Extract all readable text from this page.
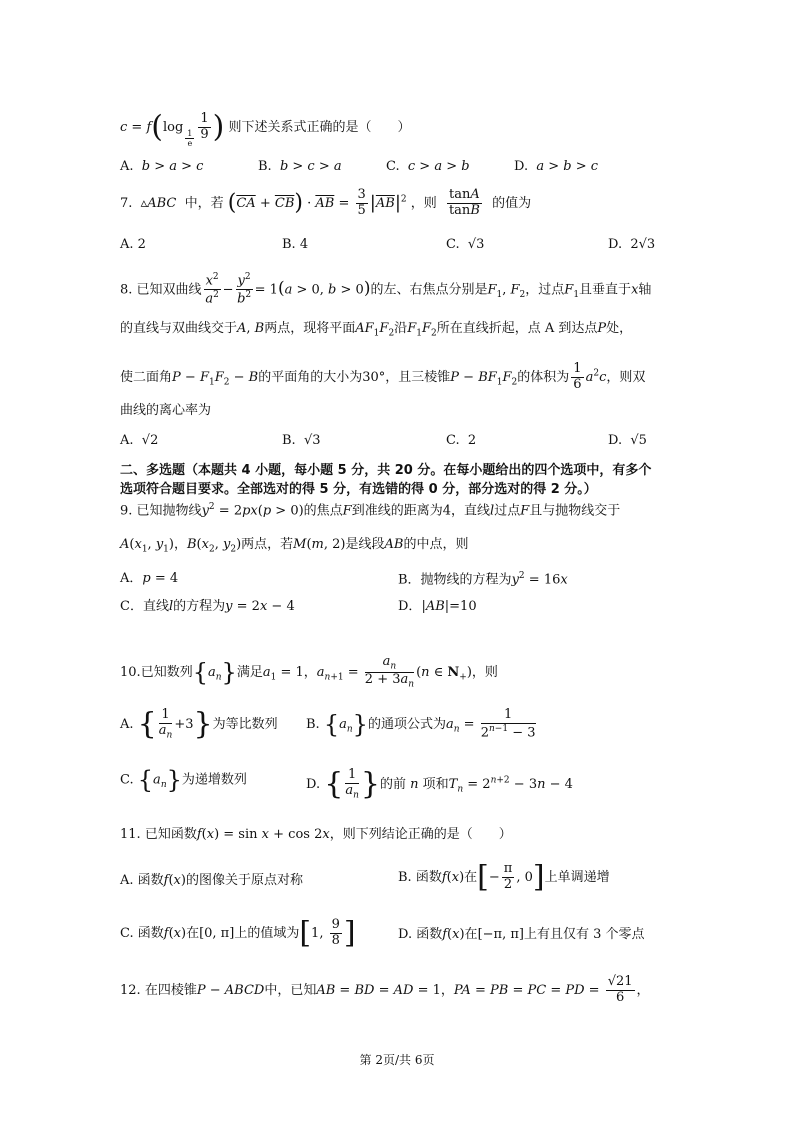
c = f(log
$_{\frac{1}{e}} \frac{1}{9}$ ) 则下述关系式正确的是（　　）
A. b > a > c	B. b > c > a	C. c > a > b	D. a > b > c
7.  ▵ABC 中，若 $(\overline{CA} + \overline{CB}) \cdot \overline{AB} = \frac{3}{5} |\overline{AB}|^2$ ，则 $\frac{\tan A}{\tan B}$ 的值为
A. 2	B. 4	C. √3	D. 2√3
8. 已知双曲线 $\frac{x^2}{a^2} - \frac{y^2}{b^2} = 1(a > 0$, b > 0)的左、右焦点分别是$F_1$, $F_2$，过点$F_1$且垂直于x轴
的直线与双曲线交于A, B两点，现将平面$AF_1F_2$沿$F_1F_2$所在直线折起，点 A 到达点P处，
使二面角$P - F_1F_2 - B$的平面角的大小为30°，且三棱锥$P - BF_1F_2$的体积为 $\frac{1}{6} a^2c$，则双
曲线的离心率为
A. √2	B. √3	C. 2	D. √5
二、多选题（本题共 4 小题，每小题 5 分，共 20 分。在每小题给出的四个选项中，有多个
选项符合题目要求。全部选对的得 5 分，有选错的得 0 分，部分选对的得 2 分。）
9. 已知抛物线$y^2 = 2px(p > 0)$的焦点F到准线的距离为4，直线l过点F且与抛物线交于
$A(x_1$, $y_1$)，$B(x_2$, $y_2$)两点，若M(m, 2)是线段AB的中点，则
A．p = 4	B．抛物线的方程为$y^2 = 16x$
C．直线l的方程为y = 2x − 4	D．|AB|=10
10.已知数列$\{a_n\}$满足$a_1 = 1$，$a_{n+1} = \frac{a_n}{2 + 3a_n} (n$ ∈ $N_+$)，则
A. { $\frac{1}{a_n} +3$}为等比数列 B. $\{a_n\}$的通项公式为$a_n = \frac{1}{2^{n-1} - 3}$
C. $\{a_n\}$为递增数列	D. { $\frac{1}{a_n}$ }的前 n 项和$T_n = 2^{n+2} - 3n - 4$
11. 已知函数f(x) = sin x + cos 2x，则下列结论正确的是（　　）
A. 函数f(x)的图像关于原点对称	B. 函数f(x)在[− $\frac{\pi}{2}$ , 0]上单调递增
C. 函数f(x)在[0, π]上的值域为[1, $\frac{9}{8}$ ]	D. 函数f(x)在[−π, π]上有且仅有 3 个零点
12. 在四棱锥P − ABCD中，已知AB = BD = AD = 1，PA = PB = PC = PD = $\frac{√21}{6}$ ，
第 2页/共 6页
